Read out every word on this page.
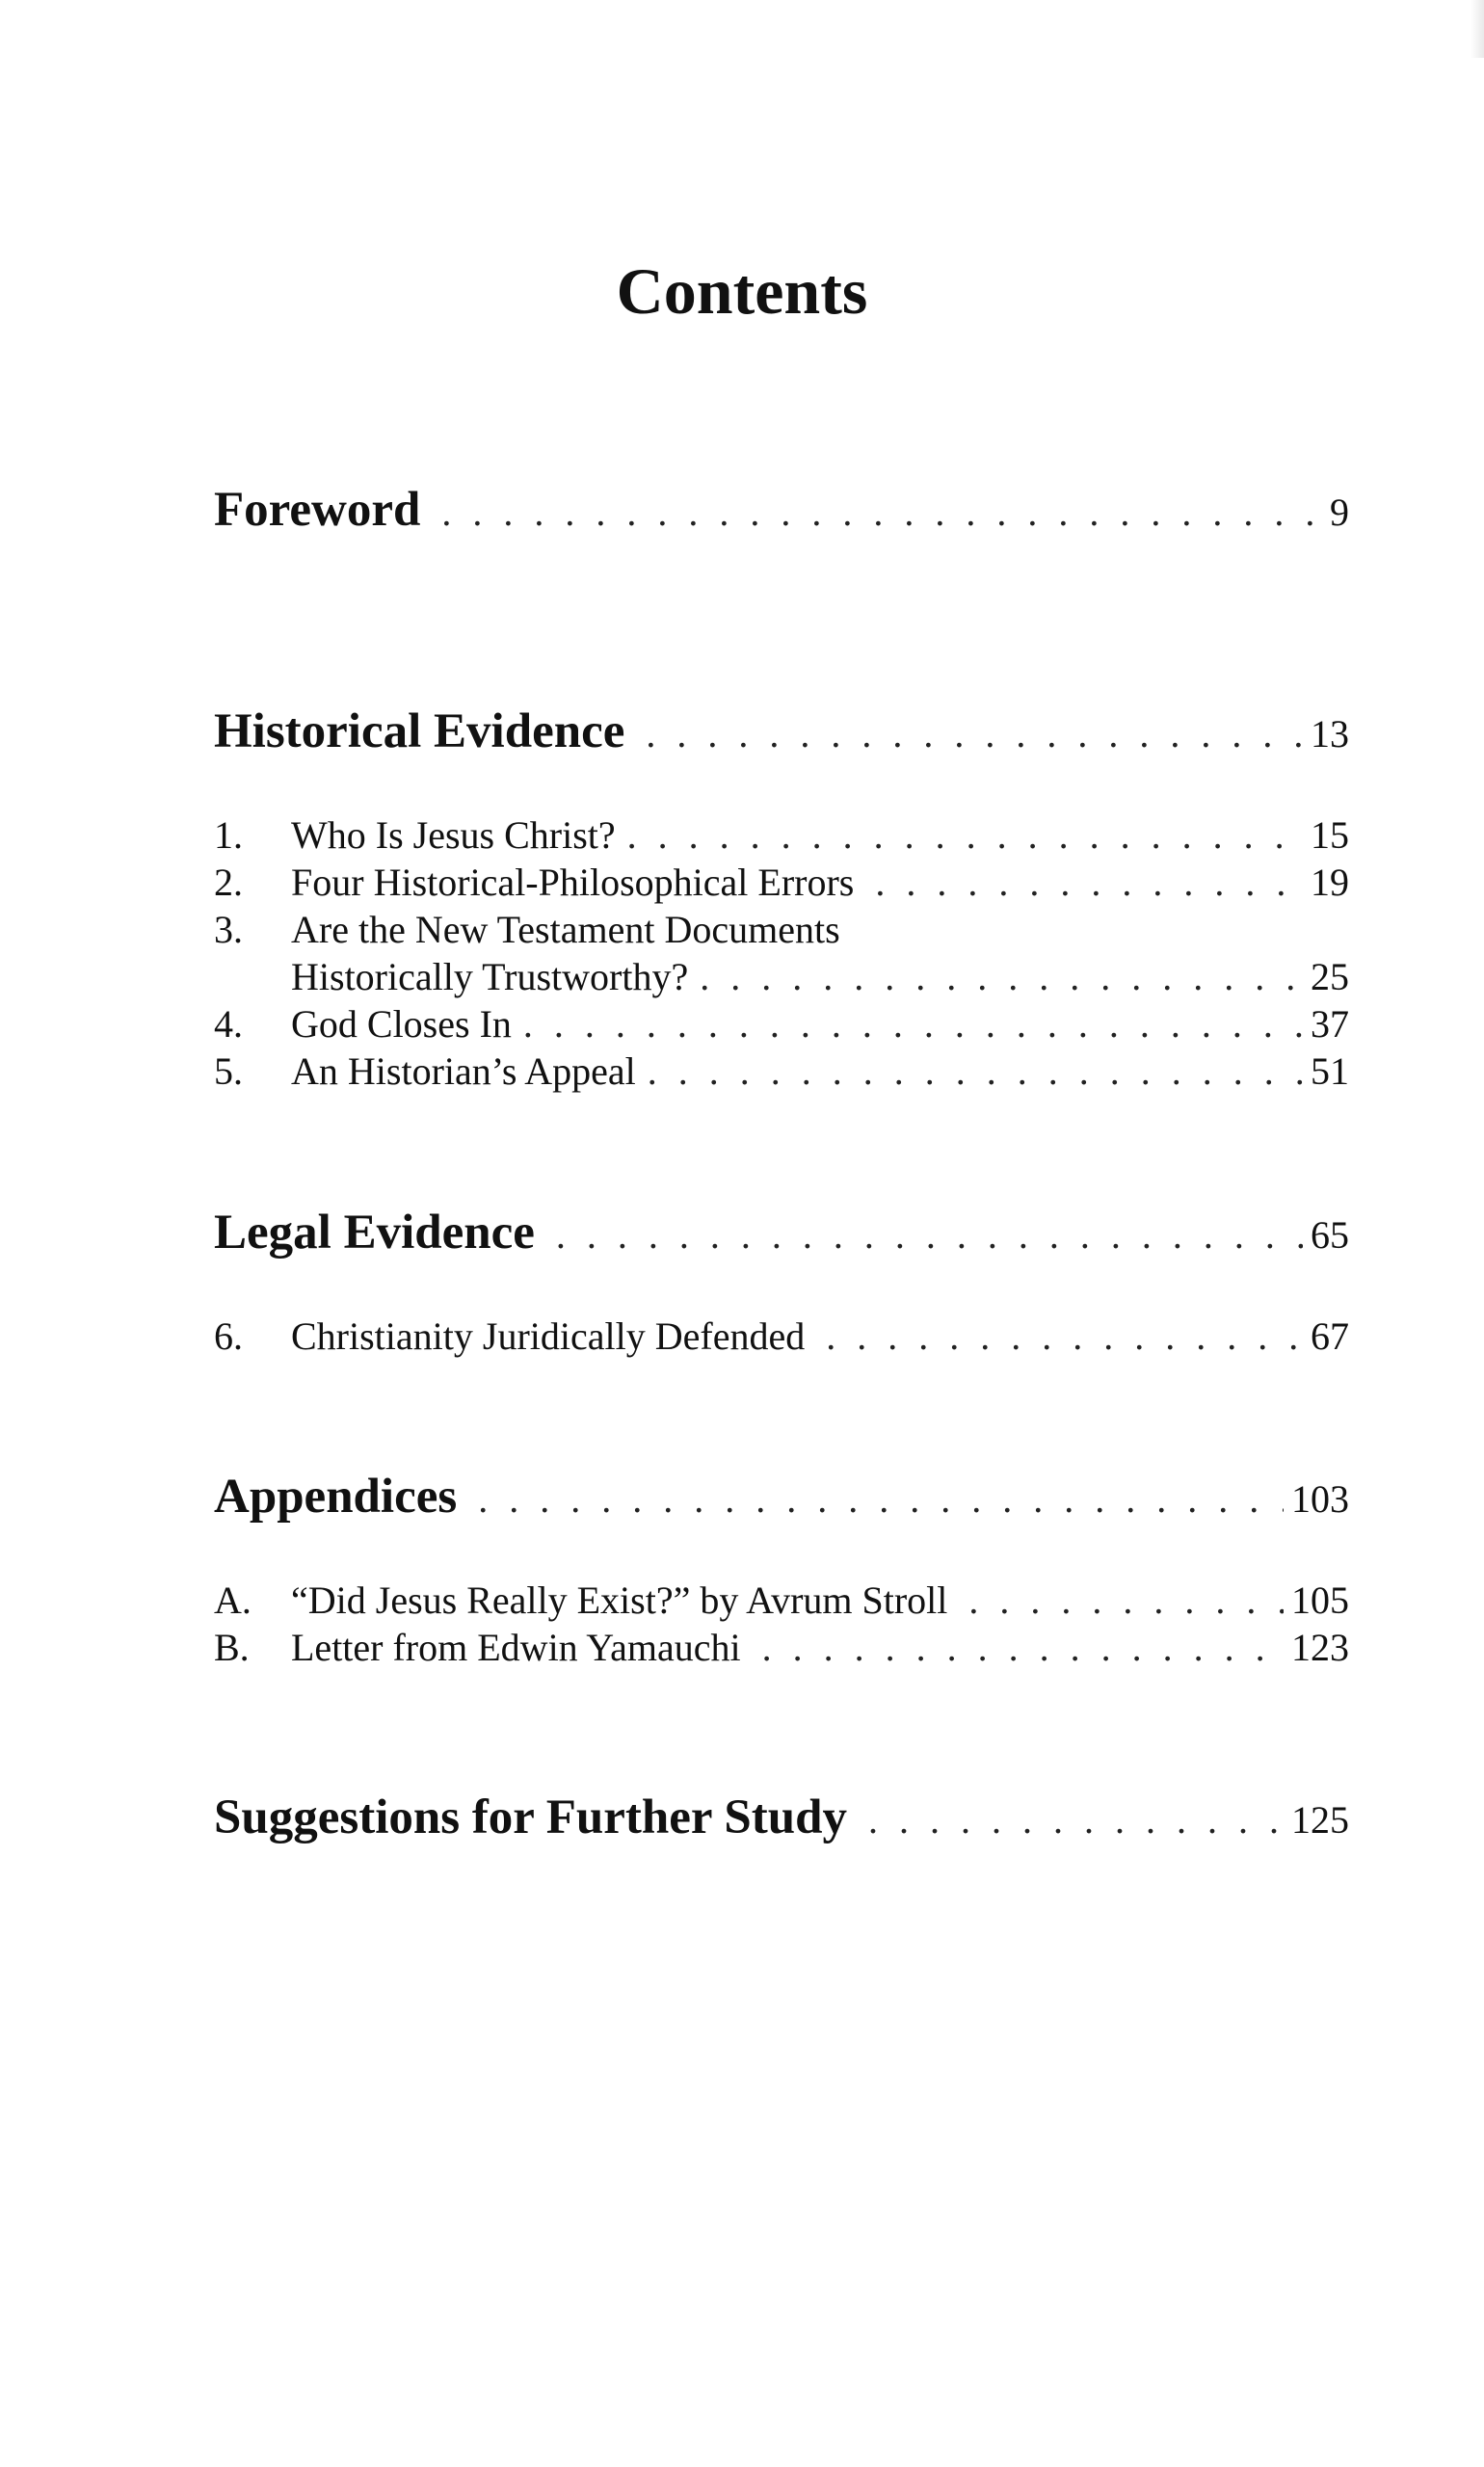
Contents
Foreword . . .	9
Historical Evidence . . .	13
1.	Who Is Jesus Christ? . . .	15
2.	Four Historical-Philosophical Errors . . .	19
3.	Are the New Testament Documents
Historically Trustworthy? . . .	25
4.	God Closes In . . .	37
5.	An Historian’s Appeal . . .	51
Legal Evidence . . .	65
6.	Christianity Juridically Defended . . .	67
Appendices . . .	103
A.	“Did Jesus Really Exist?” by Avrum Stroll . . .	105
B.	Letter from Edwin Yamauchi . . .	123
Suggestions for Further Study . . .	125
